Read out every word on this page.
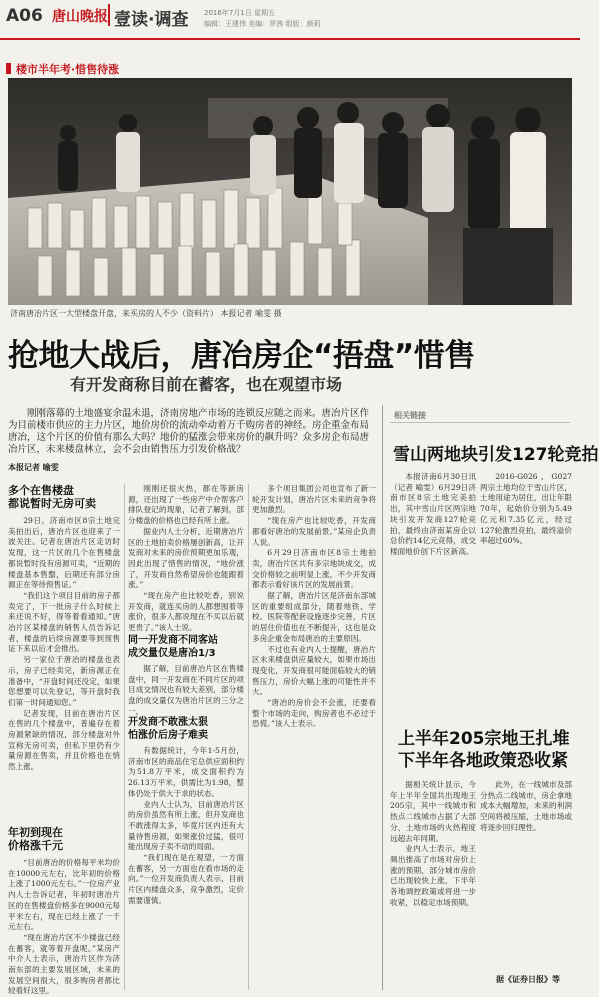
A06 唐山晚报 壹读·调查 2016年7月1日 星期五
编辑：王建伟 美编：罗茜 组版：颜莉
楼市半年考·惜售待涨
济南唐冶片区一大型楼盘开盘，来买房的人不少（资料片） 本报记者 喻雯 摄
抢地大战后，唐冶房企“捂盘”惜售
有开发商称目前在蓄客，也在观望市场
刚刚落幕的土地盛宴余温未退，济南房地产市场的连锁反应随之而来。唐冶片区作为目前楼市供应的主力片区，地价房价的流动牵动着万千购房者的神经。房企重金布局唐冶，这个片区的价值有那么大吗？地价的猛涨会带来房价的飙升吗？众多房企布局唐冶片区，未来楼盘林立，会不会由销售压力引发价格战？
本报记者 喻雯
多个在售楼盘
都说暂时无房可卖

29日，济南市区8宗土地完美拍出后，唐冶片区也迎来了一波关注。记者在唐冶片区走访时发现，这一片区的几个在售楼盘都说暂时没有房源可卖，“近期的楼盘基本售罄，后期还有部分房源正在等待预售证。”

“我们这个项目目前的房子都卖完了，下一批房子什么时候上来还说不好，得等着看通知。”唐冶片区某楼盘的销售人员告诉记者，楼盘的后续房源要等到预售证下来以后才会推出。

另一家位于唐冶的楼盘也表示，房子已经卖完，新房源正在准备中，“开盘时间还没定，如果您想要可以先登记，等开盘时我们第一时间通知您。”

记者发现，目前在唐冶片区在售的几个楼盘中，普遍存在着房源紧缺的情况，部分楼盘对外宣称无房可卖，但私下里仍有少量房源在售卖，并且价格也在悄然上涨。

年初到现在
价格涨千元

“目前唐冶的价格每平米均价在10000元左右，比年初的价格上涨了1000元左右。”一位房产业内人士告诉记者，年初时唐冶片区的在售楼盘价格多在9000元每平米左右，现在已经上涨了一千元左右。

“现在唐冶片区不少楼盘已经在蓄客，就等着开盘呢。”某房产中介人士表示，唐冶片区作为济南东部的主要发展区域，未来的发展空间很大，很多购房者都比较看好这里。

刚刚还很火热，都在等新房源，还出现了一些房产中介帮客户排队登记的现象，记者了解到，部分楼盘的价格也已经有所上涨。

据业内人士分析，近期唐冶片区的土地拍卖价格屡创新高，让开发商对未来的房价预期更加乐观，因此出现了惜售的情况，“地价涨了，开发商自然希望房价也能跟着涨。”

“现在房产也比较吃香，别说开发商，就连买房的人都想囤着等涨价，很多人都说现在不买以后就更贵了。”该人士说。

同一开发商不同客站
成交量仅是唐冶1/3

据了解，目前唐冶片区在售楼盘中，同一开发商在不同片区的项目成交情况也有较大差别，部分楼盘的成交量仅为唐冶片区的三分之一。

开发商不敢涨太狠
怕涨价后房子难卖

有数据统计，今年1-5月份，济南市区的商品住宅总供应面积约为51.8万平米，成交面积约为26.13万平米，供需比为1.98，整体仍处于供大于求的状态。

业内人士认为，目前唐冶片区的房价虽然有所上涨，但开发商也不敢涨得太多，毕竟片区内还有大量待售房源，如果涨价过猛，很可能出现房子卖不动的局面。

“我们现在是在观望，一方面在蓄客，另一方面也在看市场的走向。”一位开发商负责人表示，目前片区内楼盘众多，竞争激烈，定价需要谨慎。

多个项目集团公司也宣布了新一轮开发计划，唐冶片区未来的竞争将更加激烈。

“现在房产也比较吃香，开发商都看好唐冶的发展前景。”某房企负责人说。

6月29日济南市区8宗土地拍卖，唐冶片区共有多宗地块成交，成交价格较之前明显上涨，不少开发商都表示看好该片区的发展前景。

据了解，唐冶片区是济南东部城区的重要组成部分，随着地铁、学校、医院等配套设施逐步完善，片区的居住价值也在不断提升，这也是众多房企重金布局唐冶的主要原因。

不过也有业内人士提醒，唐冶片区未来楼盘供应量较大，如果市场出现变化，开发商很可能面临较大的销售压力，房价大幅上涨的可能性并不大。

“唐冶的房价会不会涨，还要看整个市场的走向，购房者也不必过于恐慌。”该人士表示。

相关链接
雪山两地块引发127轮竞拍

本报济南6月30日讯（记者 喻雯）6月29日济南市区8宗土地完美拍出，其中雪山片区两宗地块引发开发商127轮竞拍，最终由济南某房企以总价约14亿元竞得，成交楼面地价创下片区新高。

2016-G026、G027两宗土地均位于雪山片区，土地用途为居住，出让年限70年，起始价分别为5.49亿元和7.35亿元，经过127轮激烈竞拍，最终溢价率超过60%。

上半年205宗地王扎堆
下半年各地政策恐收紧

据相关统计显示，今年上半年全国共出现地王205宗，其中一线城市和热点二线城市占据了大部分，土地市场的火热程度远超去年同期。

业内人士表示，地王频出推高了市场对房价上涨的预期，部分城市房价已出现较快上涨，下半年各地调控政策或将进一步收紧，以稳定市场预期。

此外，在一线城市及部分热点二线城市，房企拿地成本大幅增加，未来的利润空间将被压缩，土地市场或将逐步回归理性。

据《证券日报》等
